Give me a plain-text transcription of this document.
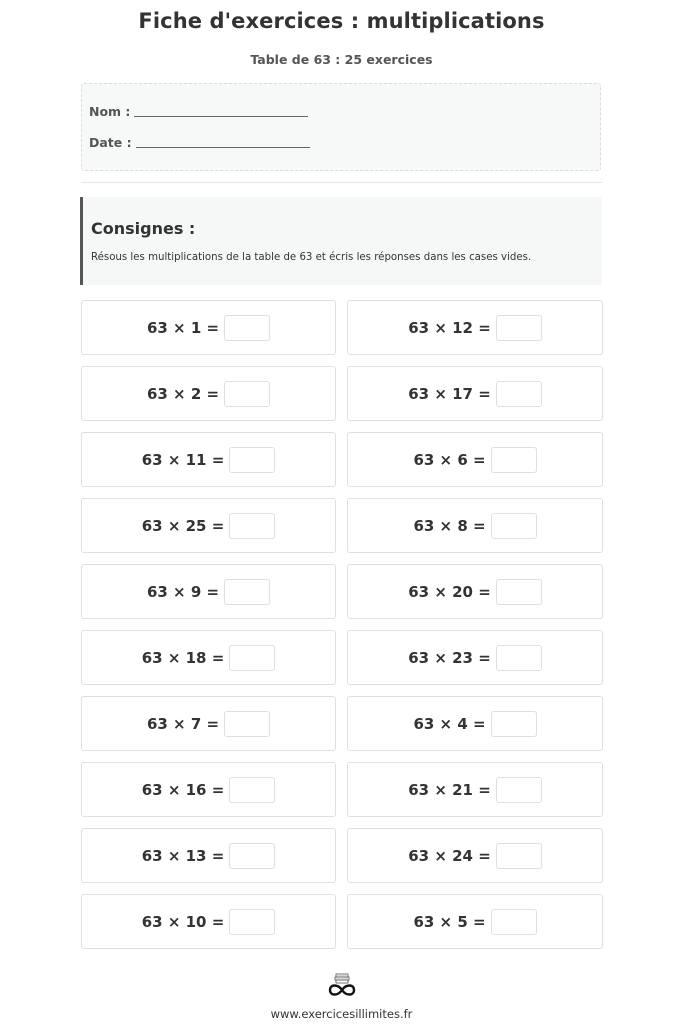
Fiche d'exercices : multiplications
Table de 63 : 25 exercices
Nom :
Date :
Consignes :

Résous les multiplications de la table de 63 et écris les réponses dans les cases vides.

63 × 1 =	63 × 12 =
63 × 2 =	63 × 17 =
63 × 11 =	63 × 6 =
63 × 25 =	63 × 8 =
63 × 9 =	63 × 20 =
63 × 18 =	63 × 23 =
63 × 7 =	63 × 4 =
63 × 16 =	63 × 21 =
63 × 13 =	63 × 24 =
63 × 10 =	63 × 5 =
www.exercicesillimites.fr
